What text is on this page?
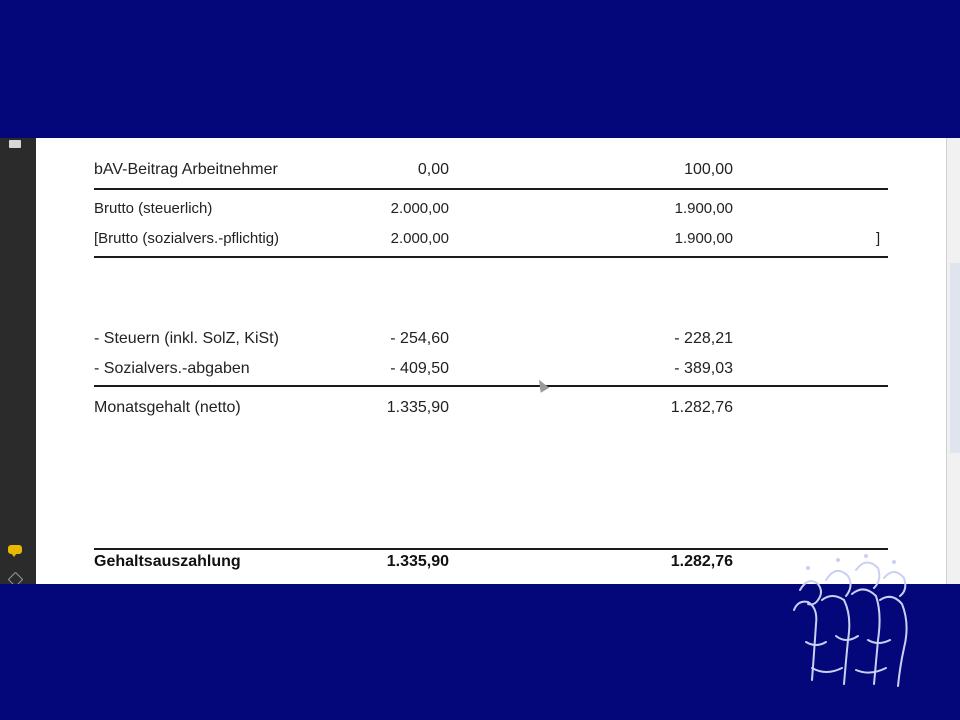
bAV-Beitrag Arbeitnehmer	0,00	100,00
Brutto (steuerlich)	2.000,00	1.900,00
[Brutto (sozialvers.-pflichtig)	2.000,00	1.900,00	]
- Steuern (inkl. SolZ, KiSt)	- 254,60	- 228,21
- Sozialvers.-abgaben	- 409,50	- 389,03
Monatsgehalt (netto)	1.335,90	1.282,76
Gehaltsauszahlung	1.335,90	1.282,76
